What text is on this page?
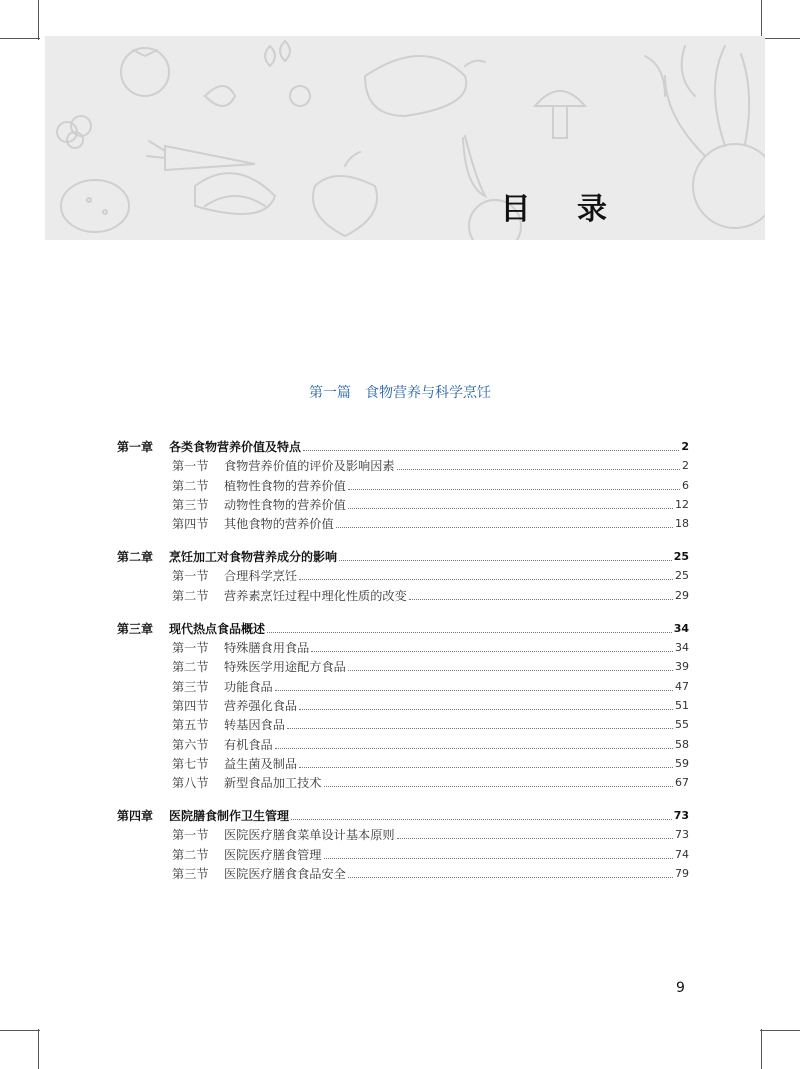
目 录
第一篇　食物营养与科学烹饪
第一章	各类食物营养价值及特点	2
第一节	食物营养价值的评价及影响因素	2
第二节	植物性食物的营养价值	6
第三节	动物性食物的营养价值	12
第四节	其他食物的营养价值	18
第二章	烹饪加工对食物营养成分的影响	25
第一节	合理科学烹饪	25
第二节	营养素烹饪过程中理化性质的改变	29
第三章	现代热点食品概述	34
第一节	特殊膳食用食品	34
第二节	特殊医学用途配方食品	39
第三节	功能食品	47
第四节	营养强化食品	51
第五节	转基因食品	55
第六节	有机食品	58
第七节	益生菌及制品	59
第八节	新型食品加工技术	67
第四章	医院膳食制作卫生管理	73
第一节	医院医疗膳食菜单设计基本原则	73
第二节	医院医疗膳食管理	74
第三节	医院医疗膳食食品安全	79
9
